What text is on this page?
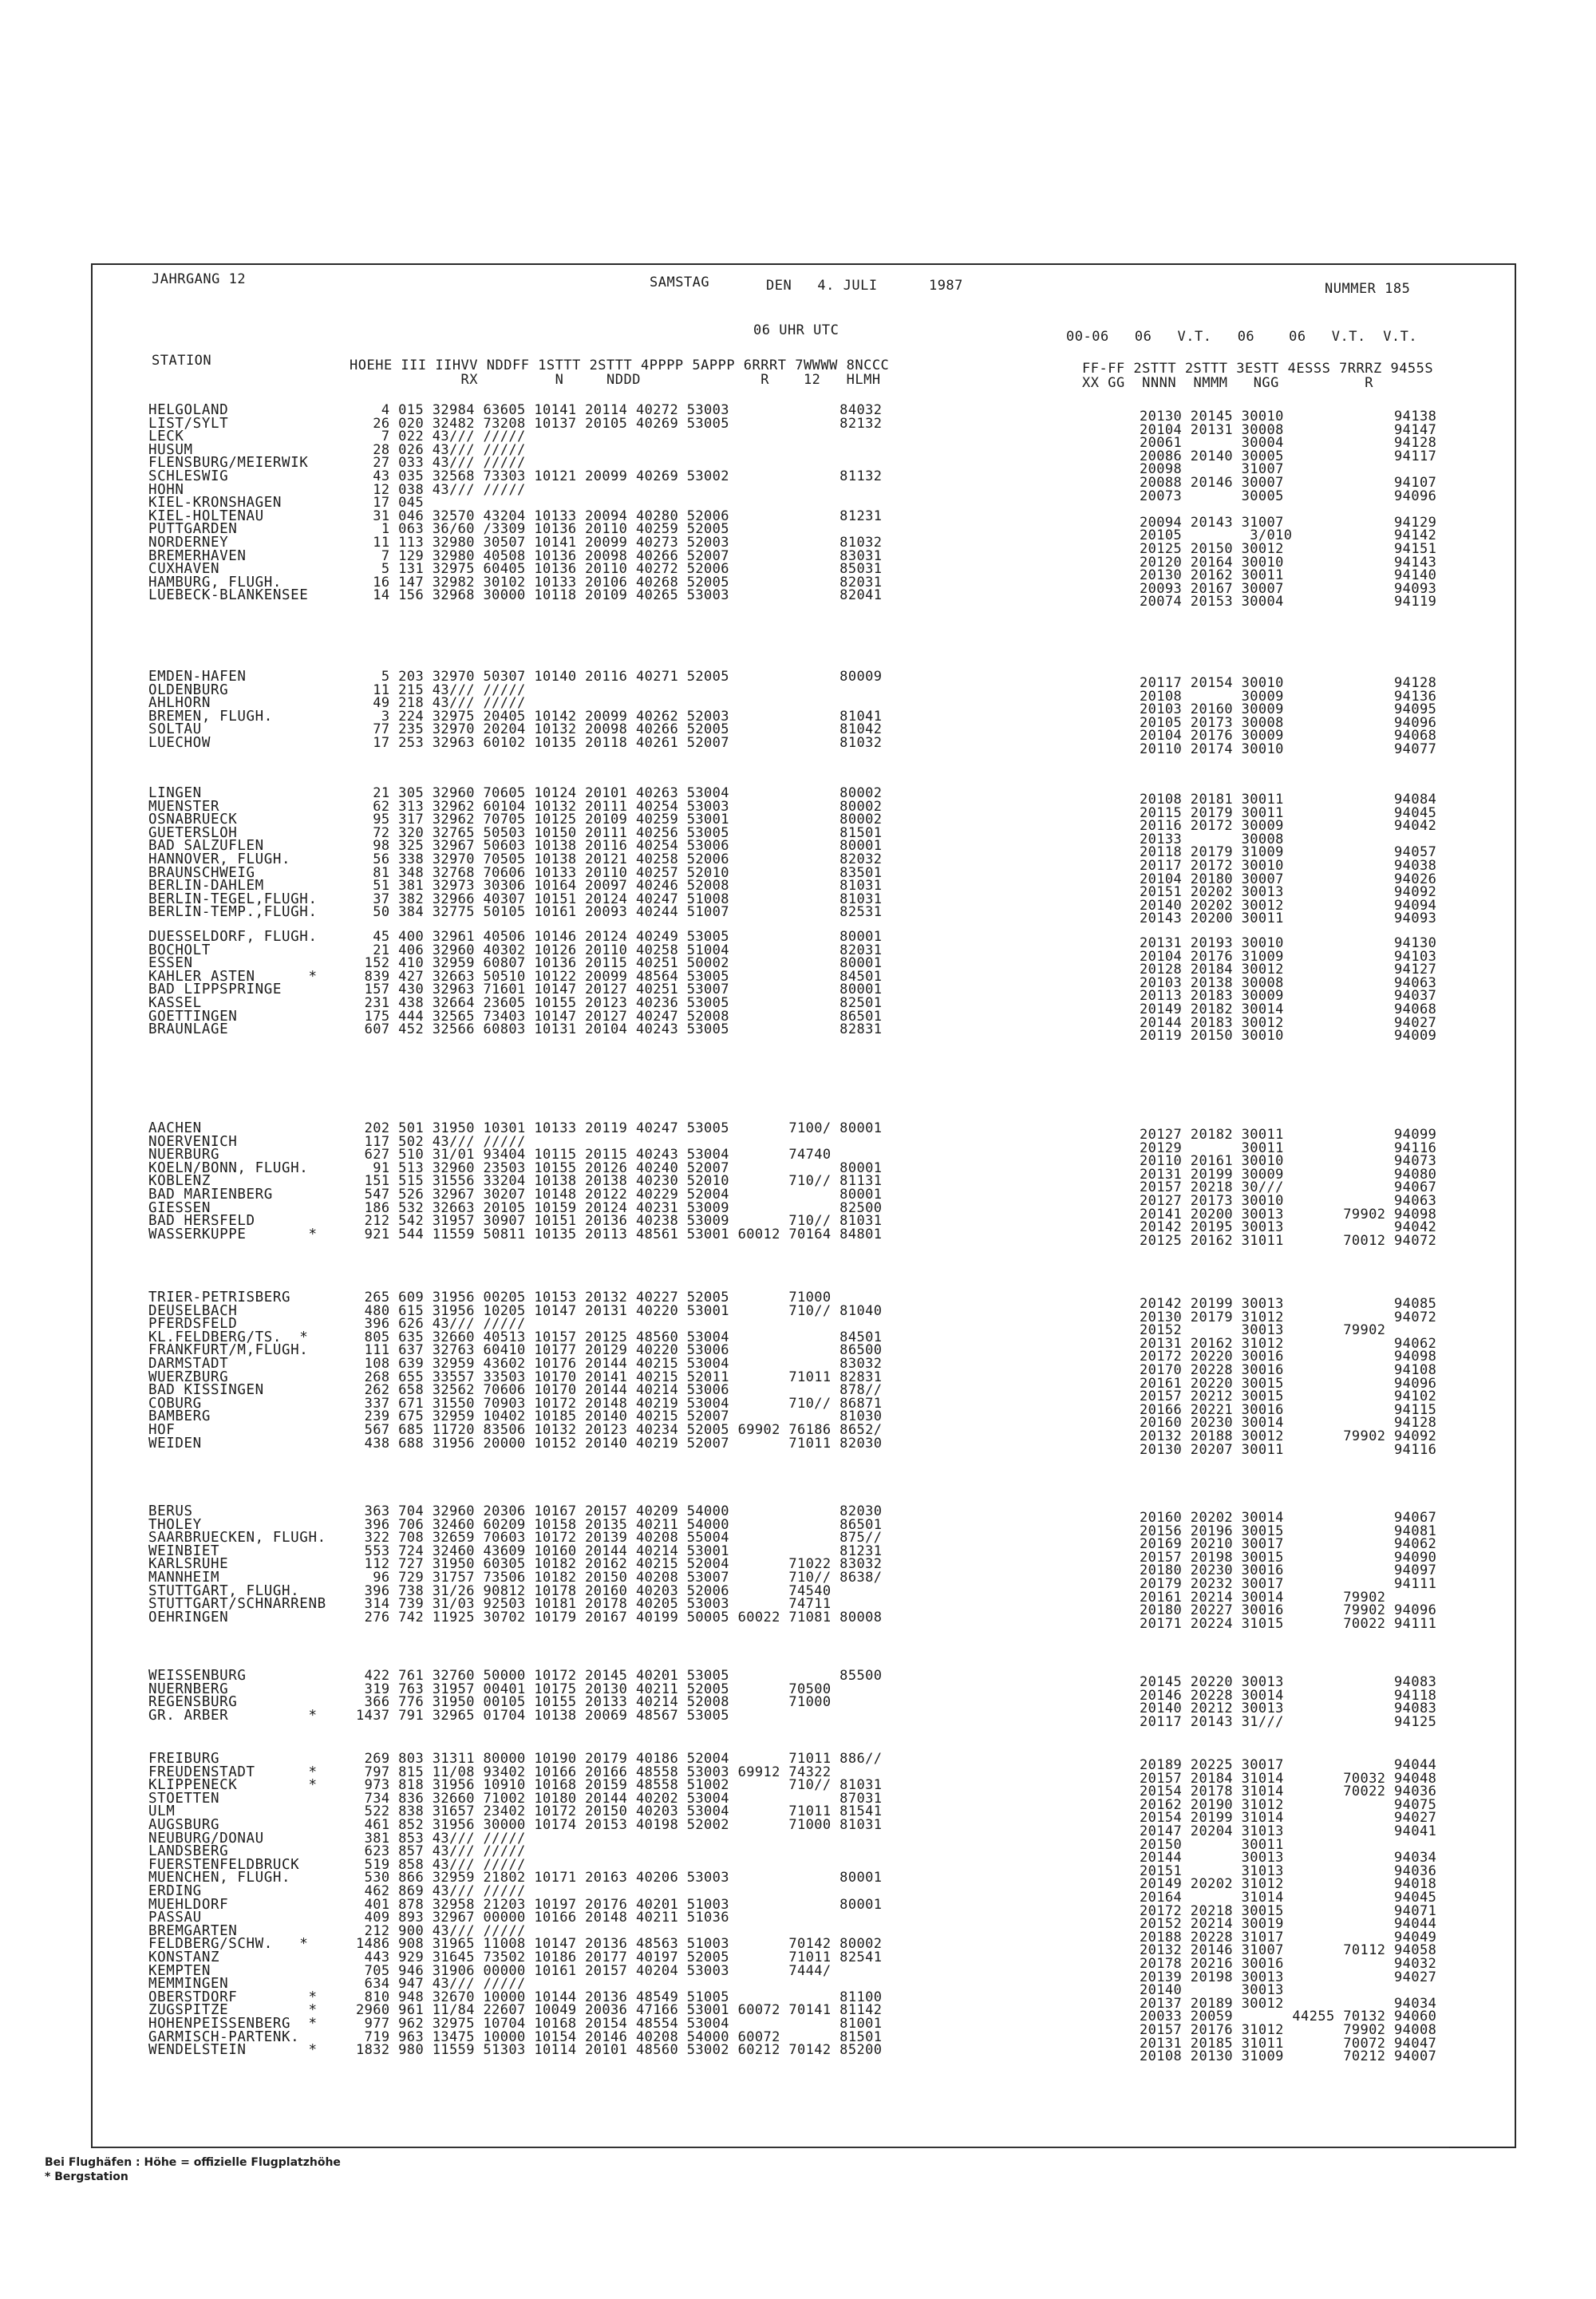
JAHRGANG 12	SAMSTAG	DEN   4. JULI      1987	NUMMER 185
06 UHR UTC	00-06   06   V.T.   06    06   V.T.  V.T.
STATION	HOEHE III IIHVV NDDFF 1STTT 2STTT 4PPPP 5APPP 6RRRT 7WWWW 8NCCC
RX         N     NDDD              R    12   HLMH
FF-FF 2STTT 2STTT 3ESTT 4ESSS 7RRRZ 9455S
XX GG  NNNN  NMMM   NGG          R
HELGOLAND	4 015 32984 63605 10141 20114 40272 53003             84032	20130 20145 30010             94138
LIST/SYLT	26 020 32482 73208 10137 20105 40269 53005             82132	20104 20131 30008             94147
LECK	7 022 43/// /////	20061       30004             94128
HUSUM	28 026 43/// /////	20086 20140 30005             94117
FLENSBURG/MEIERWIK	27 033 43/// /////	20098       31007
SCHLESWIG	43 035 32568 73303 10121 20099 40269 53002             81132	20088 20146 30007             94107
HOHN	12 038 43/// /////	20073       30005             94096
KIEL-KRONSHAGEN	17 045
KIEL-HOLTENAU	31 046 32570 43204 10133 20094 40280 52006             81231	20094 20143 31007             94129
PUTTGARDEN	1 063 36/60 /3309 10136 20110 40259 52005	20105        3/010            94142
NORDERNEY	11 113 32980 30507 10141 20099 40273 52003             81032	20125 20150 30012             94151
BREMERHAVEN	7 129 32980 40508 10136 20098 40266 52007             83031	20120 20164 30010             94143
CUXHAVEN	5 131 32975 60405 10136 20110 40272 52006             85031	20130 20162 30011             94140
HAMBURG, FLUGH.	16 147 32982 30102 10133 20106 40268 52005             82031	20093 20167 30007             94093
LUEBECK-BLANKENSEE	14 156 32968 30000 10118 20109 40265 53003             82041	20074 20153 30004             94119
EMDEN-HAFEN	5 203 32970 50307 10140 20116 40271 52005             80009	20117 20154 30010             94128
OLDENBURG	11 215 43/// /////	20108       30009             94136
AHLHORN	49 218 43/// /////	20103 20160 30009             94095
BREMEN, FLUGH.	3 224 32975 20405 10142 20099 40262 52003             81041	20105 20173 30008             94096
SOLTAU	77 235 32970 20204 10132 20098 40266 52005             81042	20104 20176 30009             94068
LUECHOW	17 253 32963 60102 10135 20118 40261 52007             81032	20110 20174 30010             94077
LINGEN	21 305 32960 70605 10124 20101 40263 53004             80002	20108 20181 30011             94084
MUENSTER	62 313 32962 60104 10132 20111 40254 53003             80002	20115 20179 30011             94045
OSNABRUECK	95 317 32962 70705 10125 20109 40259 53001             80002	20116 20172 30009             94042
GUETERSLOH	72 320 32765 50503 10150 20111 40256 53005             81501	20133       30008
BAD SALZUFLEN	98 325 32967 50603 10138 20116 40254 53006             80001	20118 20179 31009             94057
HANNOVER, FLUGH.	56 338 32970 70505 10138 20121 40258 52006             82032	20117 20172 30010             94038
BRAUNSCHWEIG	81 348 32768 70606 10133 20110 40257 52010             83501	20104 20180 30007             94026
BERLIN-DAHLEM	51 381 32973 30306 10164 20097 40246 52008             81031	20151 20202 30013             94092
BERLIN-TEGEL,FLUGH.	37 382 32966 40307 10151 20124 40247 51008             81031	20140 20202 30012             94094
BERLIN-TEMP.,FLUGH.	50 384 32775 50105 10161 20093 40244 51007             82531	20143 20200 30011             94093
DUESSELDORF, FLUGH.	45 400 32961 40506 10146 20124 40249 53005             80001	20131 20193 30010             94130
BOCHOLT	21 406 32960 40302 10126 20110 40258 51004             82031	20104 20176 31009             94103
ESSEN	152 410 32959 60807 10136 20115 40251 50002             80001	20128 20184 30012             94127
KAHLER ASTEN      *	839 427 32663 50510 10122 20099 48564 53005             84501	20103 20138 30008             94063
BAD LIPPSPRINGE	157 430 32963 71601 10147 20127 40251 53007             80001	20113 20183 30009             94037
KASSEL	231 438 32664 23605 10155 20123 40236 53005             82501	20149 20182 30014             94068
GOETTINGEN	175 444 32565 73403 10147 20127 40247 52008             86501	20144 20183 30012             94027
BRAUNLAGE	607 452 32566 60803 10131 20104 40243 53005             82831	20119 20150 30010             94009
AACHEN	202 501 31950 10301 10133 20119 40247 53005       7100/ 80001	20127 20182 30011             94099
NOERVENICH	117 502 43/// /////	20129       30011             94116
NUERBURG	627 510 31/01 93404 10115 20115 40243 53004       74740	20110 20161 30010             94073
KOELN/BONN, FLUGH.	91 513 32960 23503 10155 20126 40240 52007             80001	20131 20199 30009             94080
KOBLENZ	151 515 31556 33204 10138 20138 40230 52010       710// 81131	20157 20218 30///             94067
BAD MARIENBERG	547 526 32967 30207 10148 20122 40229 52004             80001	20127 20173 30010             94063
GIESSEN	186 532 32663 20105 10159 20124 40231 53009             82500	20141 20200 30013       79902 94098
BAD HERSFELD	212 542 31957 30907 10151 20136 40238 53009       710// 81031	20142 20195 30013             94042
WASSERKUPPE       *	921 544 11559 50811 10135 20113 48561 53001 60012 70164 84801	20125 20162 31011       70012 94072
TRIER-PETRISBERG	265 609 31956 00205 10153 20132 40227 52005       71000	20142 20199 30013             94085
DEUSELBACH	480 615 31956 10205 10147 20131 40220 53001       710// 81040	20130 20179 31012             94072
PFERDSFELD	396 626 43/// /////	20152       30013       79902
KL.FELDBERG/TS.  *	805 635 32660 40513 10157 20125 48560 53004             84501	20131 20162 31012             94062
FRANKFURT/M,FLUGH.	111 637 32763 60410 10177 20129 40220 53006             86500	20172 20220 30016             94098
DARMSTADT	108 639 32959 43602 10176 20144 40215 53004             83032	20170 20228 30016             94108
WUERZBURG	268 655 33557 33503 10170 20141 40215 52011       71011 82831	20161 20220 30015             94096
BAD KISSINGEN	262 658 32562 70606 10170 20144 40214 53006             878//	20157 20212 30015             94102
COBURG	337 671 31550 70903 10172 20148 40219 53004       710// 86871	20166 20221 30016             94115
BAMBERG	239 675 32959 10402 10185 20140 40215 52007             81030	20160 20230 30014             94128
HOF	567 685 11720 83506 10132 20123 40234 52005 69902 76186 8652/	20132 20188 30012       79902 94092
WEIDEN	438 688 31956 20000 10152 20140 40219 52007       71011 82030	20130 20207 30011             94116
BERUS	363 704 32960 20306 10167 20157 40209 54000             82030	20160 20202 30014             94067
THOLEY	396 706 32460 60209 10158 20135 40211 54000             86501	20156 20196 30015             94081
SAARBRUECKEN, FLUGH. 322 708 32659 70603 10172 20139 40208 55004             875//	20169 20210 30017             94062
WEINBIET	553 724 32460 43609 10160 20144 40214 53001             81231	20157 20198 30015             94090
KARLSRUHE	112 727 31950 60305 10182 20162 40215 52004       71022 83032	20180 20230 30016             94097
MANNHEIM	96 729 31757 73506 10182 20150 40208 53007       710// 8638/	20179 20232 30017             94111
STUTTGART, FLUGH.	396 738 31/26 90812 10178 20160 40203 52006       74540	20161 20214 30014       79902
STUTTGART/SCHNARRENB 314 739 31/03 92503 10181 20178 40205 53003       74711	20180 20227 30016       79902 94096
OEHRINGEN	276 742 11925 30702 10179 20167 40199 50005 60022 71081 80008	20171 20224 31015       70022 94111
WEISSENBURG	422 761 32760 50000 10172 20145 40201 53005             85500	20145 20220 30013             94083
NUERNBERG	319 763 31957 00401 10175 20130 40211 52005       70500	20146 20228 30014             94118
REGENSBURG	366 776 31950 00105 10155 20133 40214 52008       71000	20140 20212 30013             94083
GR. ARBER         *	1437 791 32965 01704 10138 20069 48567 53005	20117 20143 31///             94125
FREIBURG	269 803 31311 80000 10190 20179 40186 52004       71011 886//	20189 20225 30017             94044
FREUDENSTADT      *	797 815 11/08 93402 10166 20166 48558 53003 69912 74322	20157 20184 31014       70032 94048
KLIPPENECK        *	973 818 31956 10910 10168 20159 48558 51002       710// 81031	20154 20178 31014       70022 94036
STOETTEN	734 836 32660 71002 10180 20144 40202 53004             87031	20162 20190 31012             94075
ULM	522 838 31657 23402 10172 20150 40203 53004       71011 81541	20154 20199 31014             94027
AUGSBURG	461 852 31956 30000 10174 20153 40198 52002       71000 81031	20147 20204 31013             94041
NEUBURG/DONAU	381 853 43/// /////	20150       30011
LANDSBERG	623 857 43/// /////	20144       30013             94034
FUERSTENFELDBRUCK	519 858 43/// /////	20151       31013             94036
MUENCHEN, FLUGH.	530 866 32959 21802 10171 20163 40206 53003             80001	20149 20202 31012             94018
ERDING	462 869 43/// /////	20164       31014             94045
MUEHLDORF	401 878 32958 21203 10197 20176 40201 51003             80001	20172 20218 30015             94071
PASSAU	409 893 32967 00000 10166 20148 40211 51036	20152 20214 30019             94044
BREMGARTEN	212 900 43/// /////	20188 20228 31017             94049
FELDBERG/SCHW.   *	1486 908 31965 11008 10147 20136 48563 51003       70142 80002	20132 20146 31007       70112 94058
KONSTANZ	443 929 31645 73502 10186 20177 40197 52005       71011 82541	20178 20216 30016             94032
KEMPTEN	705 946 31906 00000 10161 20157 40204 53003       7444/	20139 20198 30013             94027
MEMMINGEN	634 947 43/// /////	20140       30013
OBERSTDORF        *	810 948 32670 10000 10144 20136 48549 51005             81100	20137 20189 30012             94034
ZUGSPITZE         *	2960 961 11/84 22607 10049 20036 47166 53001 60072 70141 81142	20033 20059       44255 70132 94060
HOHENPEISSENBERG  *	977 962 32975 10704 10168 20154 48554 53004             81001	20157 20176 31012       79902 94008
GARMISCH-PARTENK.	719 963 13475 10000 10154 20146 40208 54000 60072       81501	20131 20185 31011       70072 94047
WENDELSTEIN       *	1832 980 11559 51303 10114 20101 48560 53002 60212 70142 85200	20108 20130 31009       70212 94007
Bei Flughäfen : Höhe = offizielle Flugplatzhöhe
* Bergstation
